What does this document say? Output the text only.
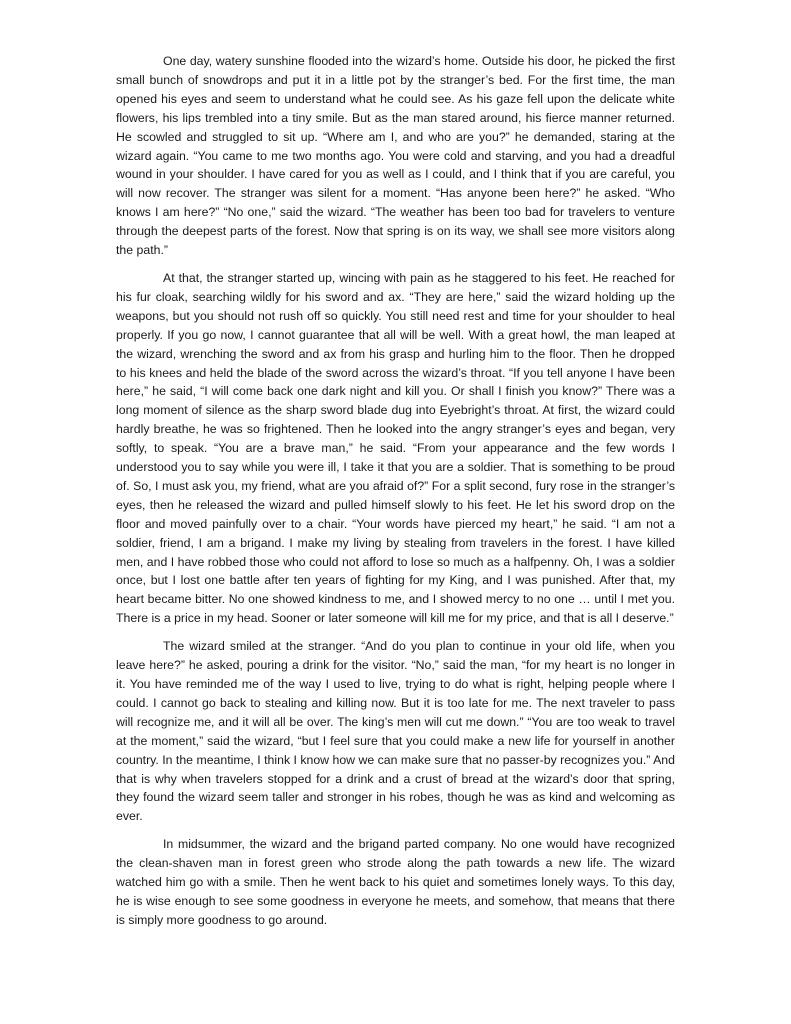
One day, watery sunshine flooded into the wizard’s home. Outside his door, he picked the first small bunch of snowdrops and put it in a little pot by the stranger’s bed. For the first time, the man opened his eyes and seem to understand what he could see. As his gaze fell upon the delicate white flowers, his lips trembled into a tiny smile. But as the man stared around, his fierce manner returned. He scowled and struggled to sit up. “Where am I, and who are you?” he demanded, staring at the wizard again. “You came to me two months ago. You were cold and starving, and you had a dreadful wound in your shoulder. I have cared for you as well as I could, and I think that if you are careful, you will now recover. The stranger was silent for a moment. “Has anyone been here?” he asked. “Who knows I am here?” “No one,” said the wizard. “The weather has been too bad for travelers to venture through the deepest parts of the forest. Now that spring is on its way, we shall see more visitors along the path.”

At that, the stranger started up, wincing with pain as he staggered to his feet. He reached for his fur cloak, searching wildly for his sword and ax. “They are here,” said the wizard holding up the weapons, but you should not rush off so quickly. You still need rest and time for your shoulder to heal properly. If you go now, I cannot guarantee that all will be well. With a great howl, the man leaped at the wizard, wrenching the sword and ax from his grasp and hurling him to the floor. Then he dropped to his knees and held the blade of the sword across the wizard’s throat. “If you tell anyone I have been here,” he said, “I will come back one dark night and kill you. Or shall I finish you know?” There was a long moment of silence as the sharp sword blade dug into Eyebright’s throat. At first, the wizard could hardly breathe, he was so frightened. Then he looked into the angry stranger’s eyes and began, very softly, to speak. “You are a brave man,” he said. “From your appearance and the few words I understood you to say while you were ill, I take it that you are a soldier. That is something to be proud of. So, I must ask you, my friend, what are you afraid of?” For a split second, fury rose in the stranger’s eyes, then he released the wizard and pulled himself slowly to his feet. He let his sword drop on the floor and moved painfully over to a chair. “Your words have pierced my heart,” he said. “I am not a soldier, friend, I am a brigand. I make my living by stealing from travelers in the forest. I have killed men, and I have robbed those who could not afford to lose so much as a halfpenny. Oh, I was a soldier once, but I lost one battle after ten years of fighting for my King, and I was punished. After that, my heart became bitter. No one showed kindness to me, and I showed mercy to no one … until I met you. There is a price in my head. Sooner or later someone will kill me for my price, and that is all I deserve.”

The wizard smiled at the stranger. “And do you plan to continue in your old life, when you leave here?” he asked, pouring a drink for the visitor. “No,” said the man, “for my heart is no longer in it. You have reminded me of the way I used to live, trying to do what is right, helping people where I could. I cannot go back to stealing and killing now. But it is too late for me. The next traveler to pass will recognize me, and it will all be over. The king’s men will cut me down.” “You are too weak to travel at the moment,” said the wizard, “but I feel sure that you could make a new life for yourself in another country. In the meantime, I think I know how we can make sure that no passer-by recognizes you.” And that is why when travelers stopped for a drink and a crust of bread at the wizard’s door that spring, they found the wizard seem taller and stronger in his robes, though he was as kind and welcoming as ever.

In midsummer, the wizard and the brigand parted company. No one would have recognized the clean-shaven man in forest green who strode along the path towards a new life. The wizard watched him go with a smile. Then he went back to his quiet and sometimes lonely ways. To this day, he is wise enough to see some goodness in everyone he meets, and somehow, that means that there is simply more goodness to go around.
